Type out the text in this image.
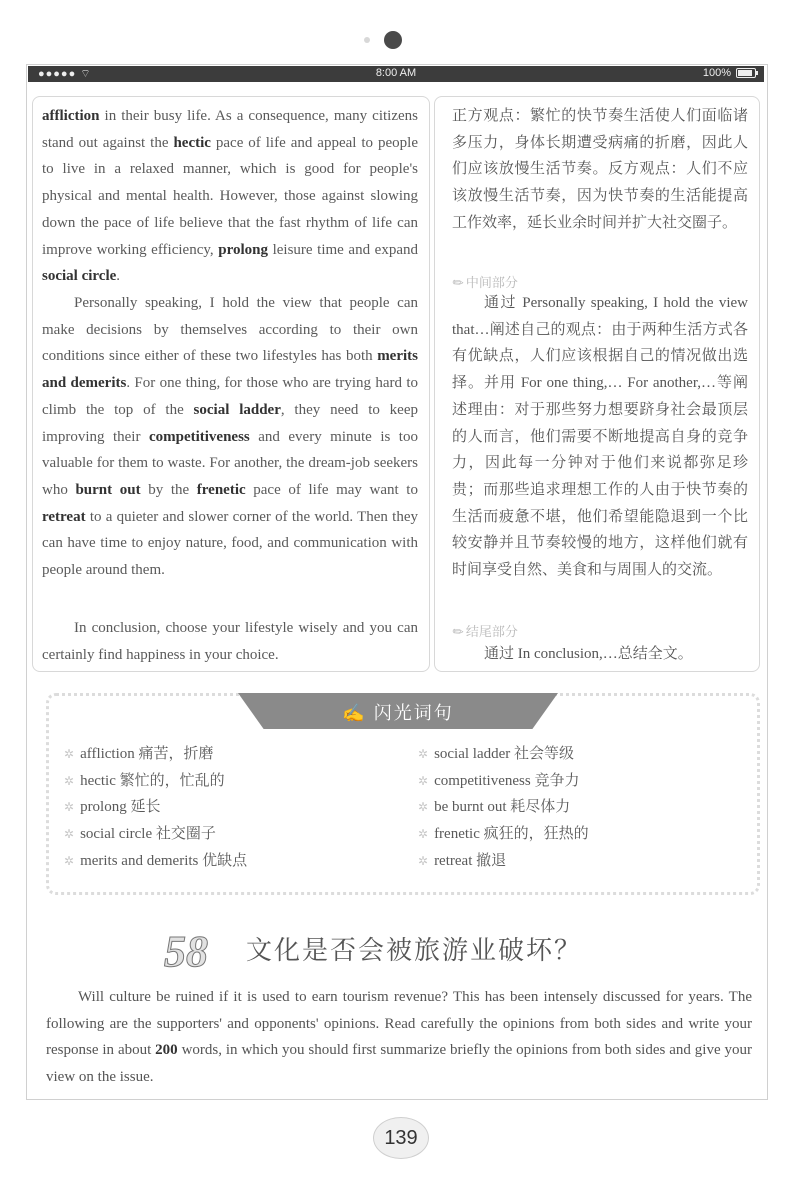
●●●●● ⌔	8:00 AM	100%
affliction in their busy life. As a consequence, many citizens stand out against the hectic pace of life and appeal to people to live in a relaxed manner, which is good for people's physical and mental health. However, those against slowing down the pace of life believe that the fast rhythm of life can improve working efficiency, prolong leisure time and expand social circle.
Personally speaking, I hold the view that people can make decisions by themselves according to their own conditions since either of these two lifestyles has both merits and demerits. For one thing, for those who are trying hard to climb the top of the social ladder, they need to keep improving their competitiveness and every minute is too valuable for them to waste. For another, the dream-job seekers who burnt out by the frenetic pace of life may want to retreat to a quieter and slower corner of the world. Then they can have time to enjoy nature, food, and communication with people around them.
In conclusion, choose your lifestyle wisely and you can certainly find happiness in your choice.
正方观点：繁忙的快节奏生活使人们面临诸多压力，身体长期遭受病痛的折磨，因此人们应该放慢生活节奏。反方观点：人们不应该放慢生活节奏，因为快节奏的生活能提高工作效率，延长业余时间并扩大社交圈子。
✎中间部分
通过 Personally speaking, I hold the view that…阐述自己的观点：由于两种生活方式各有优缺点，人们应该根据自己的情况做出选择。并用 For one thing,… For another,…等阐述理由：对于那些努力想要跻身社会最顶层的人而言，他们需要不断地提高自身的竞争力，因此每一分钟对于他们来说都弥足珍贵；而那些追求理想工作的人由于快节奏的生活而疲惫不堪，他们希望能隐退到一个比较安静并且节奏较慢的地方，这样他们就有时间享受自然、美食和与周围人的交流。
✎结尾部分
通过 In conclusion,…总结全文。
✍ 闪光词句
✲ affliction 痛苦，折磨
✲ hectic 繁忙的，忙乱的
✲ prolong 延长
✲ social circle 社交圈子
✲ merits and demerits 优缺点
✲ social ladder 社会等级
✲ competitiveness 竞争力
✲ be burnt out 耗尽体力
✲ frenetic 疯狂的，狂热的
✲ retreat 撤退
58 文化是否会被旅游业破坏？
Will culture be ruined if it is used to earn tourism revenue? This has been intensely discussed for years. The following are the supporters' and opponents' opinions. Read carefully the opinions from both sides and write your response in about 200 words, in which you should first summarize briefly the opinions from both sides and give your view on the issue.
139
